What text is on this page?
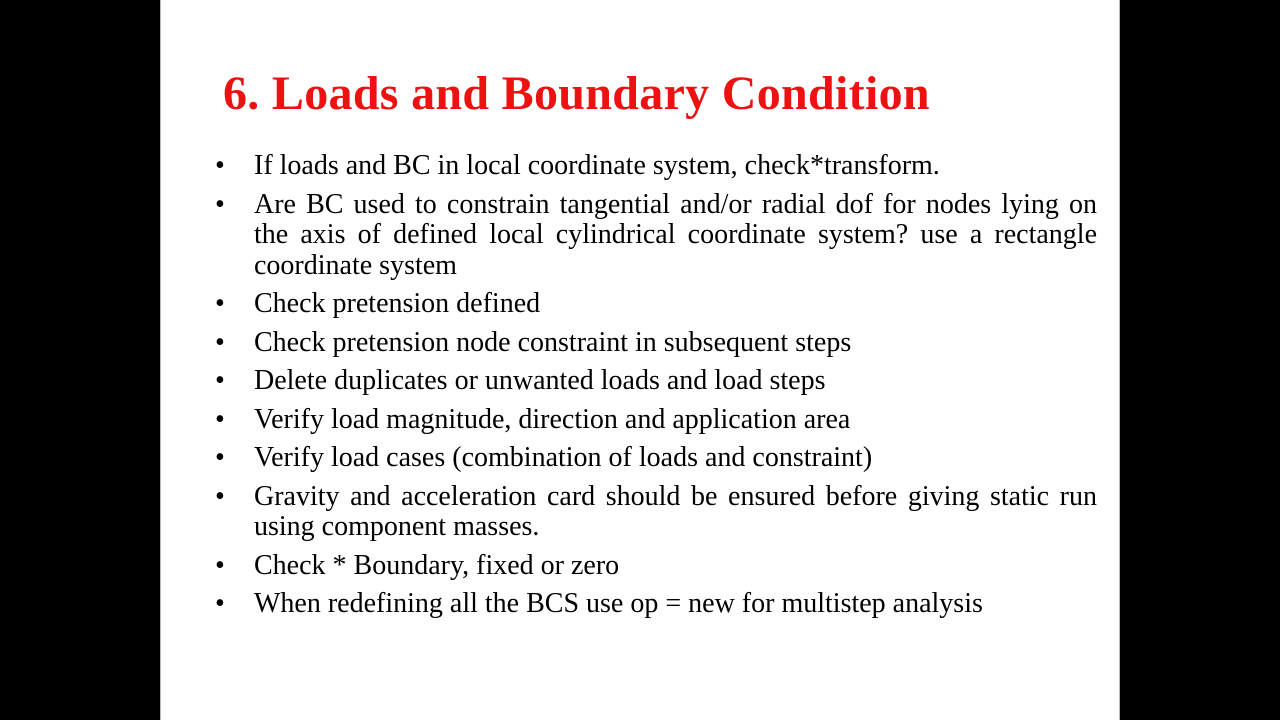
6. Loads and Boundary Condition
• If loads and BC in local coordinate system, check*transform.
• Are BC used to constrain tangential and/or radial dof for nodes lying on the axis of defined local cylindrical coordinate system? use a rectangle coordinate system
• Check pretension defined
• Check pretension node constraint in subsequent steps
• Delete duplicates or unwanted loads and load steps
• Verify load magnitude, direction and application area
• Verify load cases (combination of loads and constraint)
• Gravity and acceleration card should be ensured before giving static run using component masses.
• Check * Boundary, fixed or zero
• When redefining all the BCS use op = new for multistep analysis
